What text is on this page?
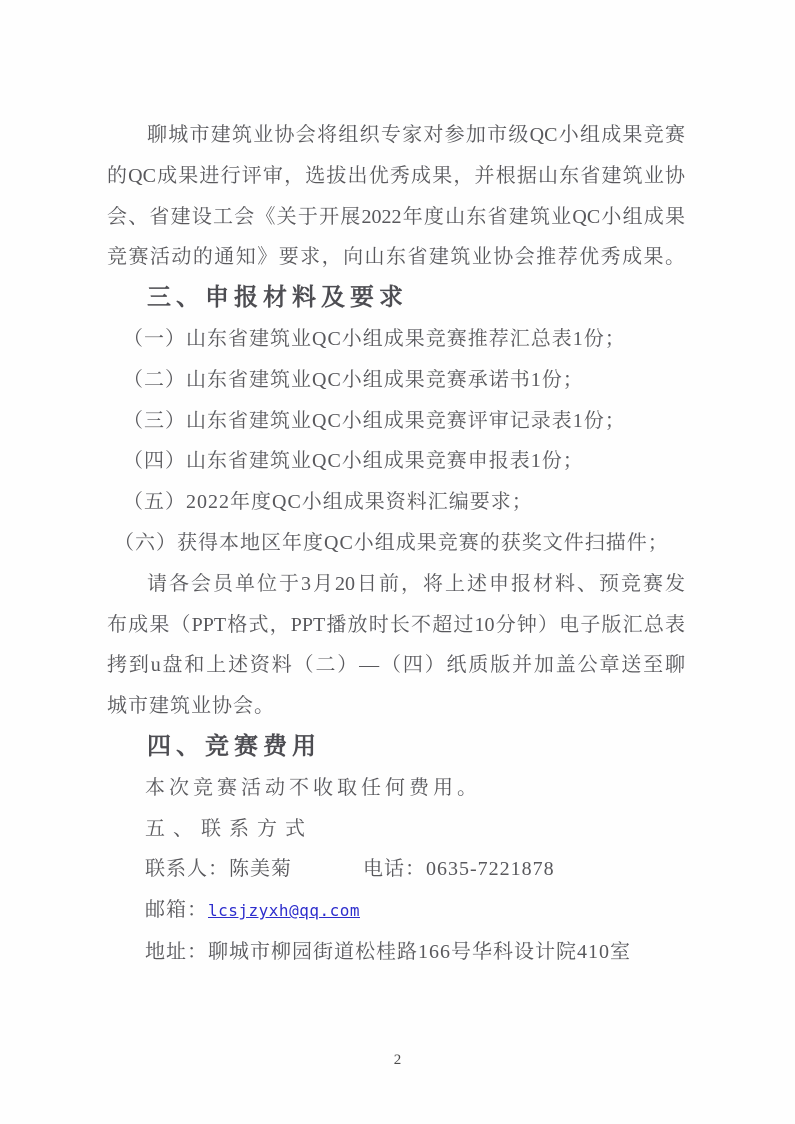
聊城市建筑业协会将组织专家对参加市级QC小组成果竞赛
的QC成果进行评审，选拔出优秀成果，并根据山东省建筑业协
会、省建设工会《关于开展2022年度山东省建筑业QC小组成果
竞赛活动的通知》要求，向山东省建筑业协会推荐优秀成果。
三、申报材料及要求
（一）山东省建筑业QC小组成果竞赛推荐汇总表1份；
（二）山东省建筑业QC小组成果竞赛承诺书1份；
（三）山东省建筑业QC小组成果竞赛评审记录表1份；
（四）山东省建筑业QC小组成果竞赛申报表1份；
（五）2022年度QC小组成果资料汇编要求；
（六）获得本地区年度QC小组成果竞赛的获奖文件扫描件；
请各会员单位于3月20日前，将上述申报材料、预竞赛发
布成果（PPT格式，PPT播放时长不超过10分钟）电子版汇总表
拷到u盘和上述资料（二）—（四）纸质版并加盖公章送至聊
城市建筑业协会。
四、竞赛费用
本次竞赛活动不收取任何费用。
五、联系方式
联系人：陈美菊	电话：0635-7221878
邮箱：lcsjzyxh@qq.com
地址：聊城市柳园街道松桂路166号华科设计院410室
2
